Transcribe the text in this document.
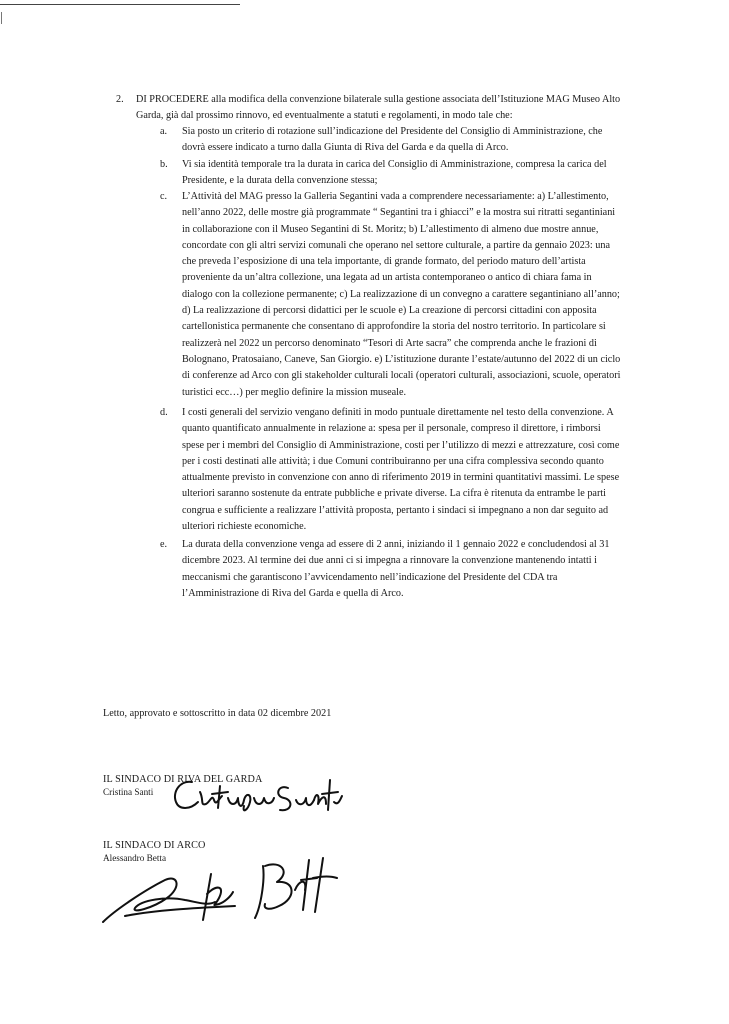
2. DI PROCEDERE alla modifica della convenzione bilaterale sulla gestione associata dell’Istituzione MAG Museo Alto Garda, già dal prossimo rinnovo, ed eventualmente a statuti e regolamenti, in modo tale che:
a. Sia posto un criterio di rotazione sull’indicazione del Presidente del Consiglio di Amministrazione, che dovrà essere indicato a turno dalla Giunta di Riva del Garda e da quella di Arco.
b. Vi sia identità temporale tra la durata in carica del Consiglio di Amministrazione, compresa la carica del Presidente, e la durata della convenzione stessa;
c. L’Attività del MAG presso la Galleria Segantini vada a comprendere necessariamente: a) L’allestimento, nell’anno 2022, delle mostre già programmate “ Segantini tra i ghiacci” e la mostra sui ritratti segantiniani in collaborazione con il Museo Segantini di St. Moritz; b) L’allestimento di almeno due mostre annue, concordate con gli altri servizi comunali che operano nel settore culturale, a partire da gennaio 2023: una che preveda l’esposizione di una tela importante, di grande formato, del periodo maturo dell’artista proveniente da un’altra collezione, una legata ad un artista contemporaneo o antico di chiara fama in dialogo con la collezione permanente; c) La realizzazione di un convegno a carattere segantiniano all’anno; d) La realizzazione di percorsi didattici per le scuole e) La creazione di percorsi cittadini con apposita cartellonistica permanente che consentano di approfondire la storia del nostro territorio. In particolare si realizzerà nel 2022 un percorso denominato “Tesori di Arte sacra” che comprenda anche le frazioni di Bolognano, Pratosaiano, Caneve, San Giorgio. e) L’istituzione durante l’estate/autunno del 2022 di un ciclo di conferenze ad Arco con gli stakeholder culturali locali (operatori culturali, associazioni, scuole, operatori turistici ecc…) per meglio definire la mission museale.
d. I costi generali del servizio vengano definiti in modo puntuale direttamente nel testo della convenzione. A quanto quantificato annualmente in relazione a: spesa per il personale, compreso il direttore, i rimborsi spese per i membri del Consiglio di Amministrazione, costi per l’utilizzo di mezzi e attrezzature, così come per i costi destinati alle attività; i due Comuni contribuiranno per una cifra complessiva secondo quanto attualmente previsto in convenzione con anno di riferimento 2019 in termini quantitativi massimi. Le spese ulteriori saranno sostenute da entrate pubbliche e private diverse. La cifra è ritenuta da entrambe le parti congrua e sufficiente a realizzare l’attività proposta, pertanto i sindaci si impegnano a non dar seguito ad ulteriori richieste economiche.
e. La durata della convenzione venga ad essere di 2 anni, iniziando il 1 gennaio 2022 e concludendosi al 31 dicembre 2023. Al termine dei due anni ci si impegna a rinnovare la convenzione mantenendo intatti i meccanismi che garantiscono l’avvicendamento nell’indicazione del Presidente del CDA tra l’Amministrazione di Riva del Garda e quella di Arco.
Letto, approvato e sottoscritto in data 02 dicembre 2021
IL SINDACO DI RIVA DEL GARDA
Cristina Santi
IL SINDACO DI ARCO
Alessandro Betta
